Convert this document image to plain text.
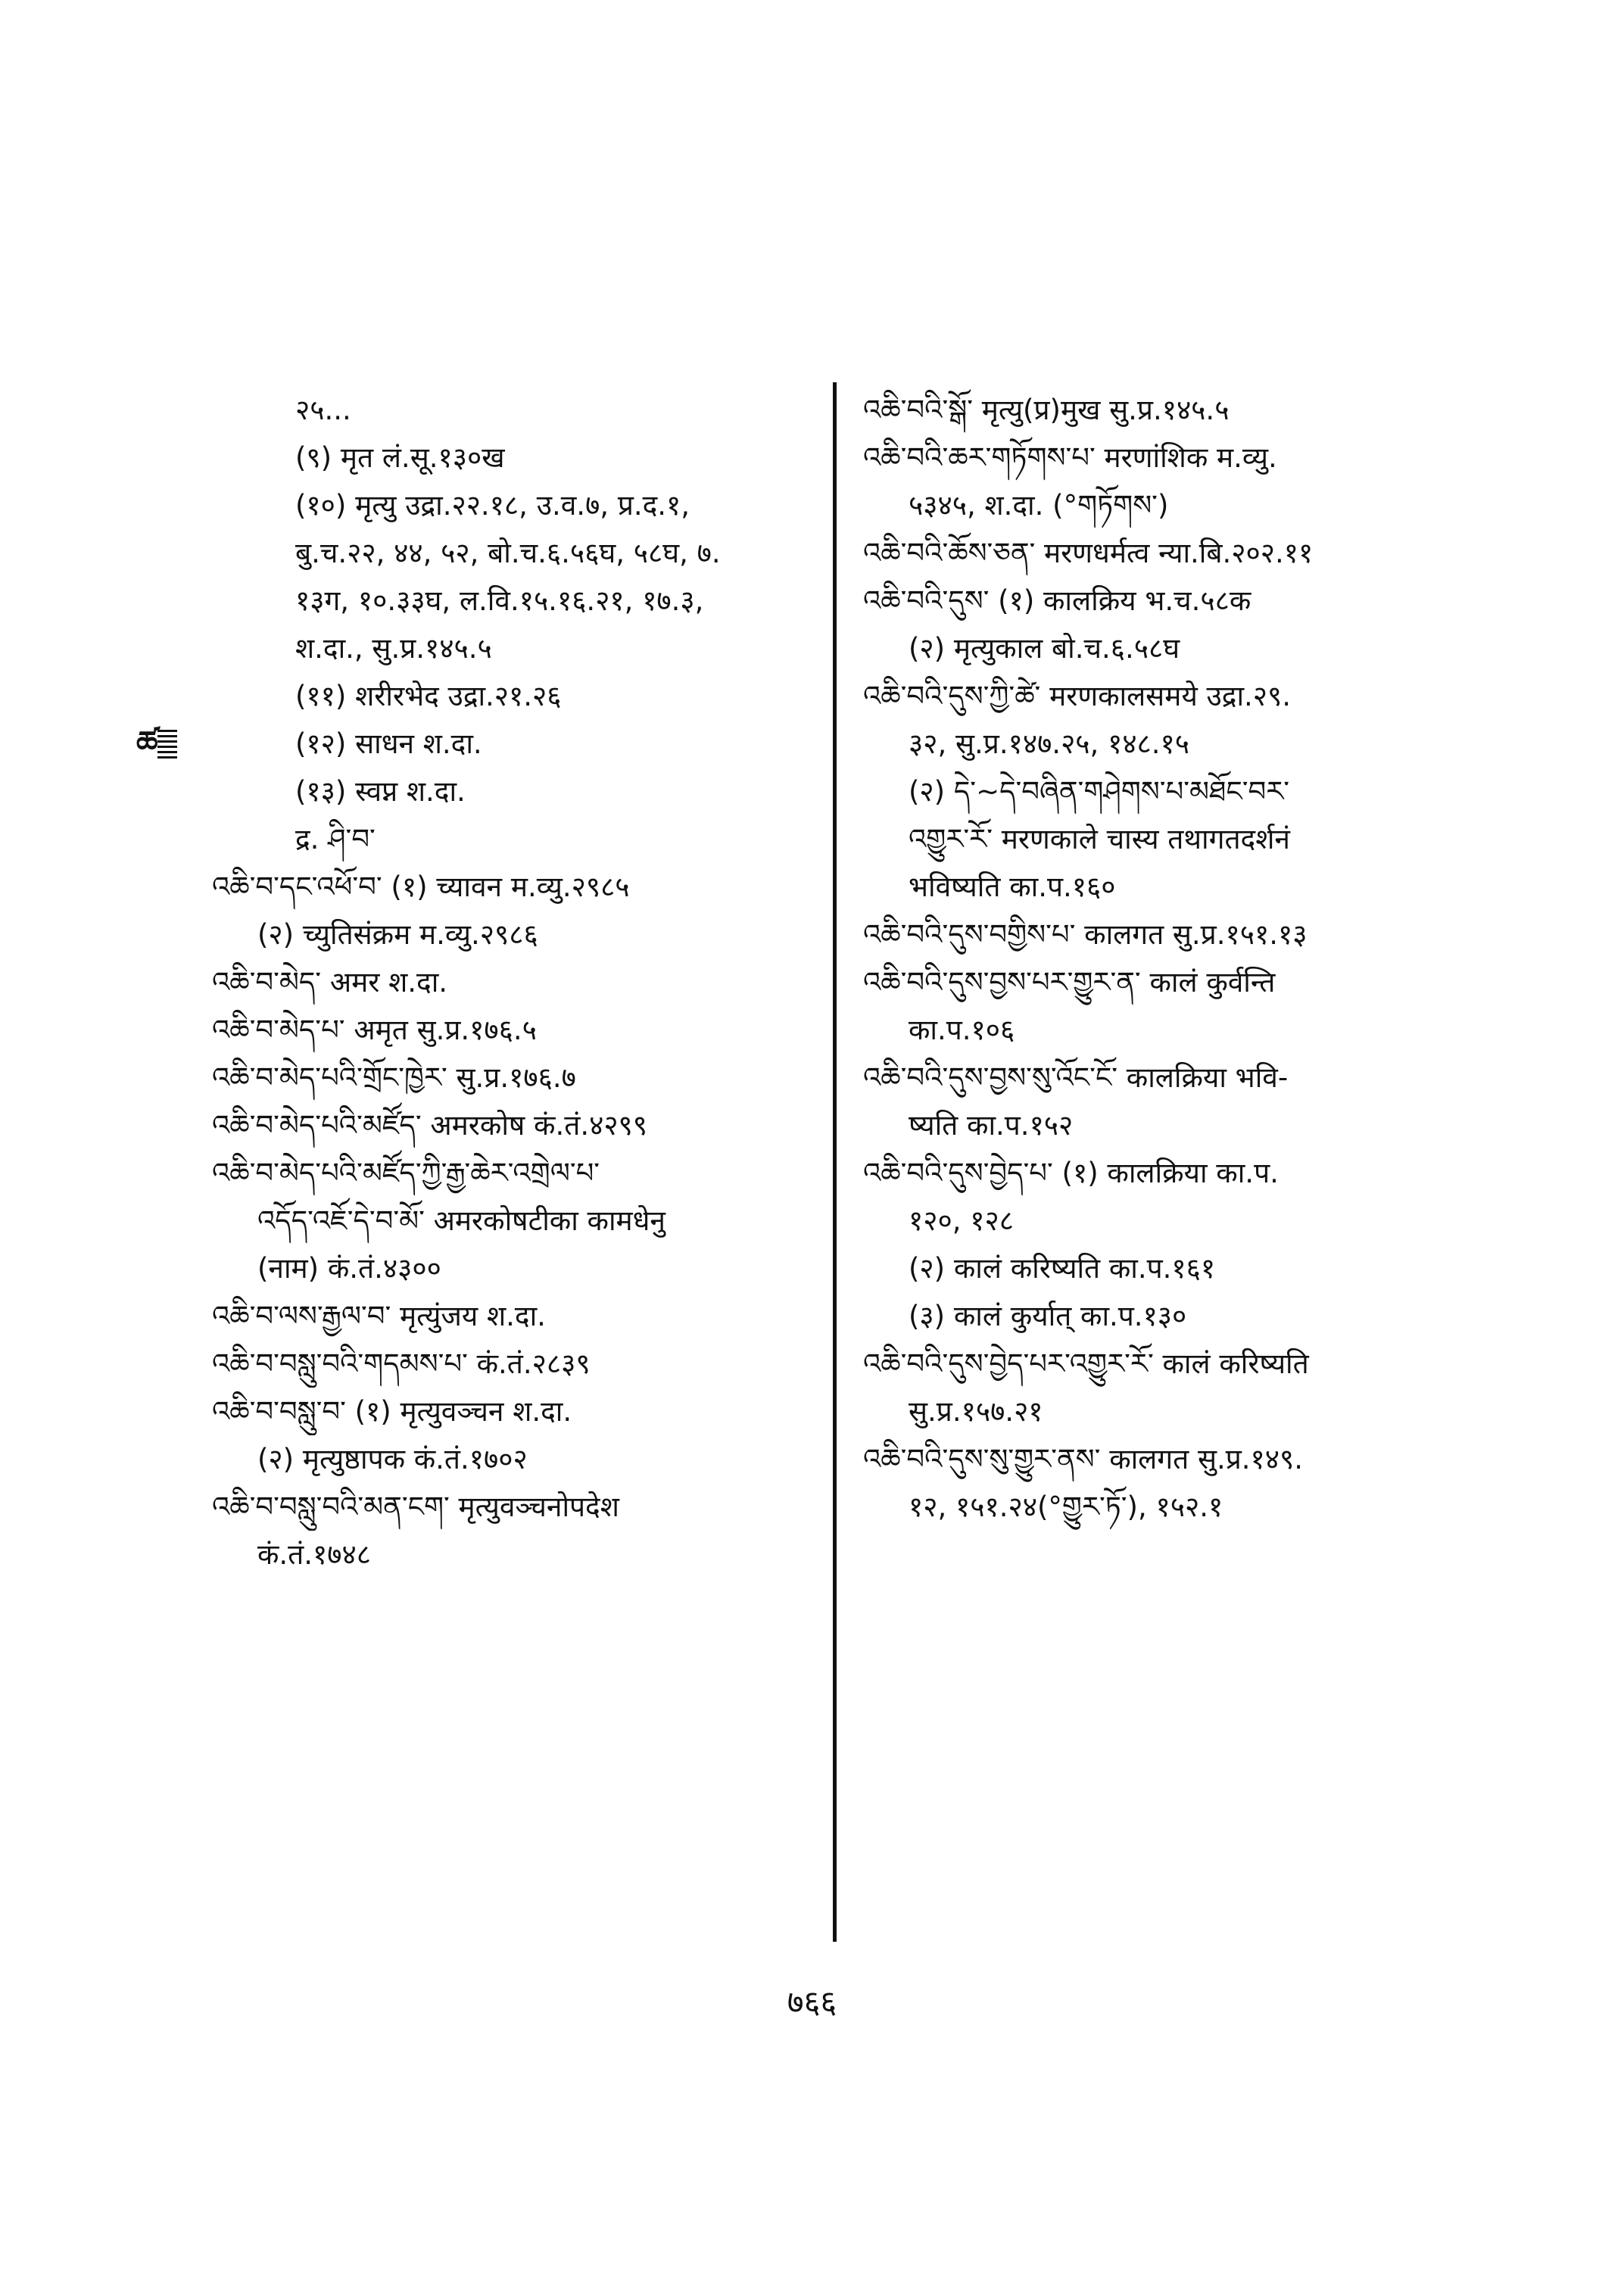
ཚ
२५...
(९) मृत लं.सू.१३०ख
(१०) मृत्यु उद्रा.२२.१८, उ.व.७, प्र.द.१,
बु.च.२२, ४४, ५२, बो.च.६.५६घ, ५८घ, ७.
१३ग, १०.३३घ, ल.वि.१५.१६.२१, १७.३,
श.दा., सु.प्र.१४५.५
(११) शरीरभेद उद्रा.२१.२६
(१२) साधन श.दा.
(१३) स्वप्न श.दा.
द्र. ཤི་བ་
འཆི་བ་དང་འཕོ་བ་ (१) च्यावन म.व्यु.२९८५
(२) च्युतिसंक्रम म.व्यु.२९८६
འཆི་བ་མེད་ अमर श.दा.
འཆི་བ་མེད་པ་ अमृत सु.प्र.१७६.५
འཆི་བ་མེད་པའི་གྲོང་ཁྱེར་ सु.प्र.१७६.७
འཆི་བ་མེད་པའི་མཛོད་ अमरकोष कं.तं.४२९९
འཆི་བ་མེད་པའི་མཛོད་ཀྱི་རྒྱ་ཆེར་འགྲེལ་པ་
འདོད་འཇོ་དེ་བ་མོ་ अमरकोषटीका कामधेनु
(नाम) कं.तं.४३००
འཆི་བ་ལས་རྒྱལ་བ་ मृत्युंजय श.दा.
འཆི་བ་བསླུ་བའི་གདམས་པ་ कं.तं.२८३९
འཆི་བ་བསླུ་བ་ (१) मृत्युवञ्चन श.दा.
(२) मृत्युष्ठापक कं.तं.१७०२
འཆི་བ་བསླུ་བའི་མན་ངག་ मृत्युवञ्चनोपदेश
कं.तं.१७४८
འཆི་བའི་སྒོ་ मृत्यु(प्र)मुख सु.प्र.१४५.५
འཆི་བའི་ཆར་གཏོགས་པ་ मरणांशिक म.व्यु.
५३४५, श.दा. (°གཏོགས་)
འཆི་བའི་ཆོས་ཅན་ मरणधर्मत्व न्या.बि.२०२.११
འཆི་བའི་དུས་ (१) कालक्रिय भ.च.५८क
(२) मृत्युकाल बो.च.६.५८घ
འཆི་བའི་དུས་ཀྱི་ཚེ་ मरणकालसमये उद्रा.२९.
३२, सु.प्र.१४७.२५, १४८.१५
(२) དེ་~དེ་བཞིན་གཤེགས་པ་མཐོང་བར་
འགྱུར་རོ་ मरणकाले चास्य तथागतदर्शनं
भविष्यति का.प.१६०
འཆི་བའི་དུས་བགྱིས་པ་ कालगत सु.प्र.१५१.१३
འཆི་བའི་དུས་བྱས་པར་གྱུར་ན་ कालं कुर्वन्ति
का.प.१०६
འཆི་བའི་དུས་བྱས་སུ་འོང་ངོ་ कालक्रिया भवि-
ष्यति का.प.१५२
འཆི་བའི་དུས་བྱེད་པ་ (१) कालक्रिया का.प.
१२०, १२८
(२) कालं करिष्यति का.प.१६१
(३) कालं कुर्यात् का.प.१३०
འཆི་བའི་དུས་བྱེད་པར་འགྱུར་རོ་ कालं करिष्यति
सु.प्र.१५७.२१
འཆི་བའི་དུས་སུ་གྱུར་ནས་ कालगत सु.प्र.१४९.
१२, १५१.२४(°གྱུར་ཏོ་), १५२.१
७६६
